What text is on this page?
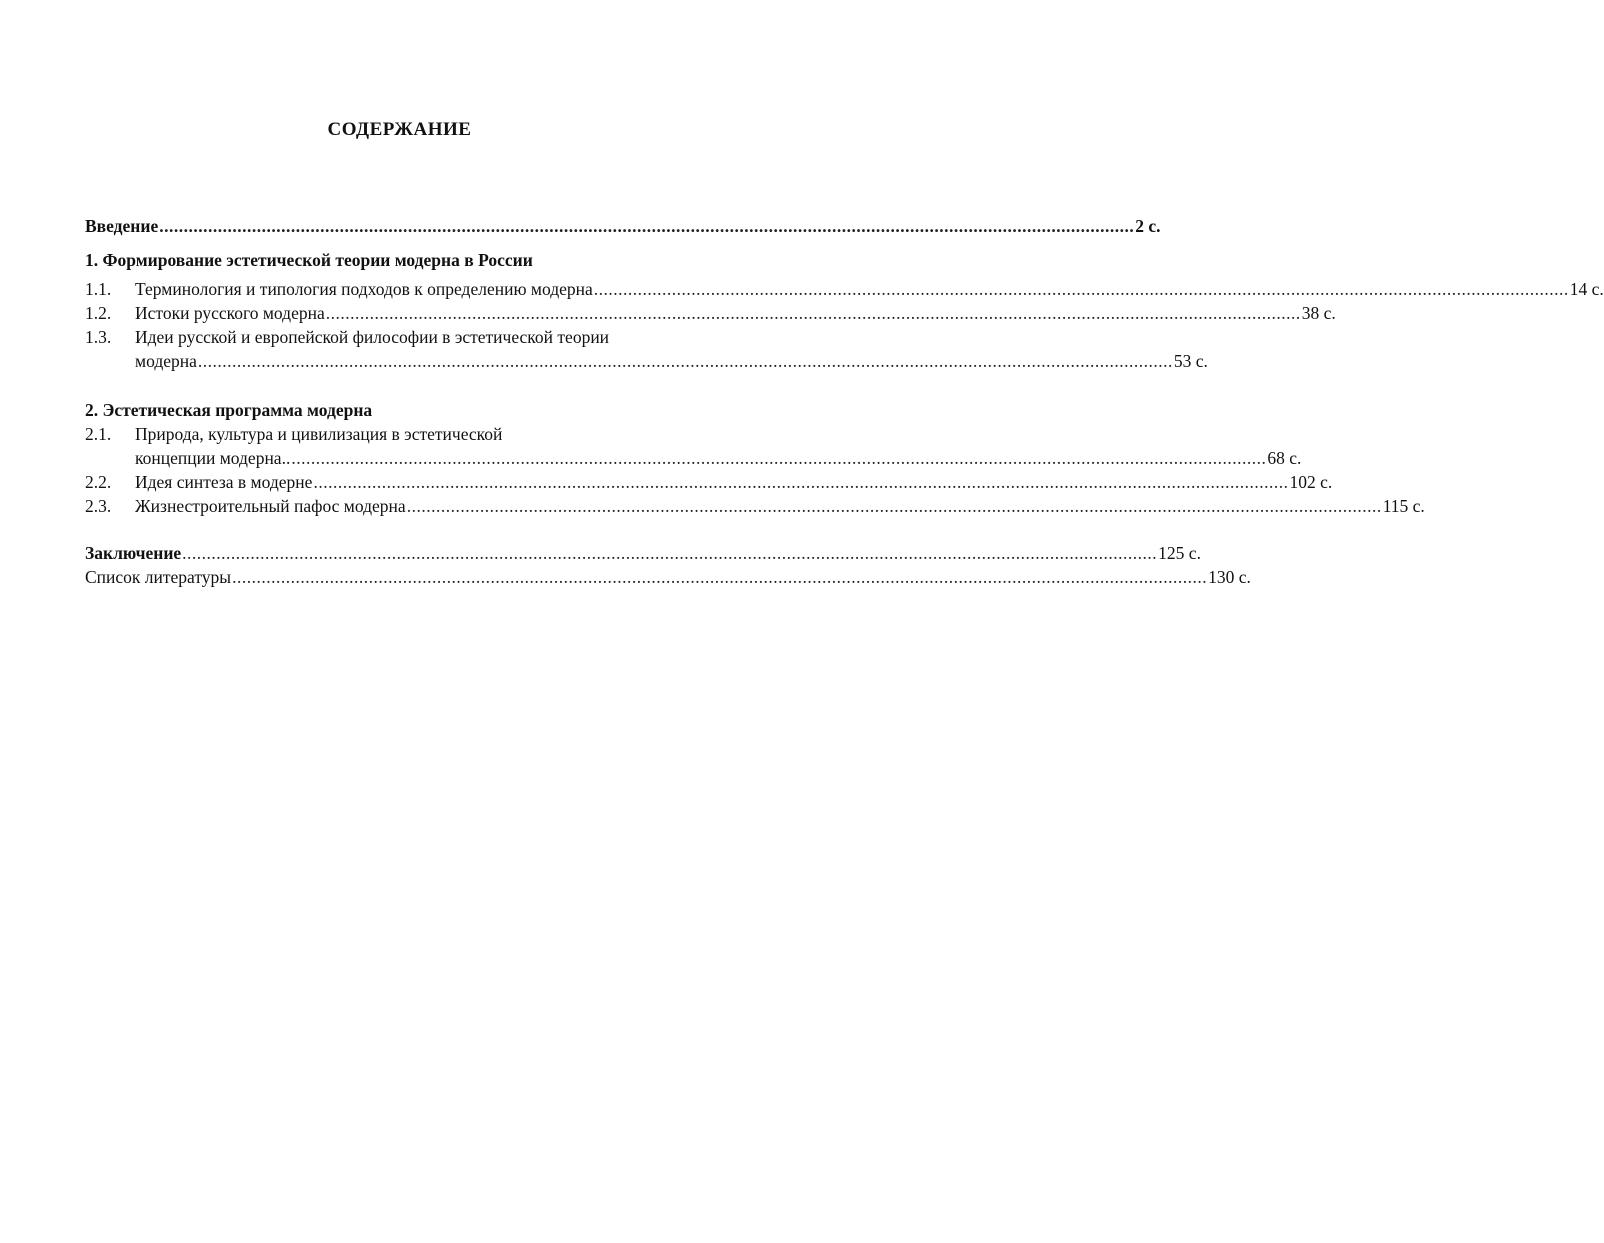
СОДЕРЖАНИЕ
Введение ........................................................................................................................................................................................................ 2 с.
1. Формирование эстетической теории модерна в России
1.1.	Терминология и типология подходов к определению модерна ........................................................................................................................................................................................................ 14 с.
1.2.	Истоки русского модерна ........................................................................................................................................................................................................ 38 с.
1.3.	Идеи русской и европейской философии в эстетической теории
модерна ........................................................................................................................................................................................................ 53 с.
2. Эстетическая программа модерна
2.1.	Природа, культура и цивилизация в эстетической
концепции модерна.. ........................................................................................................................................................................................................ 68 с.
2.2.	Идея синтеза в модерне ........................................................................................................................................................................................................ 102 с.
2.3.	Жизнестроительный пафос модерна ........................................................................................................................................................................................................ 115 с.
Заключение ........................................................................................................................................................................................................ 125 с.
Список литературы ........................................................................................................................................................................................................ 130 с.
